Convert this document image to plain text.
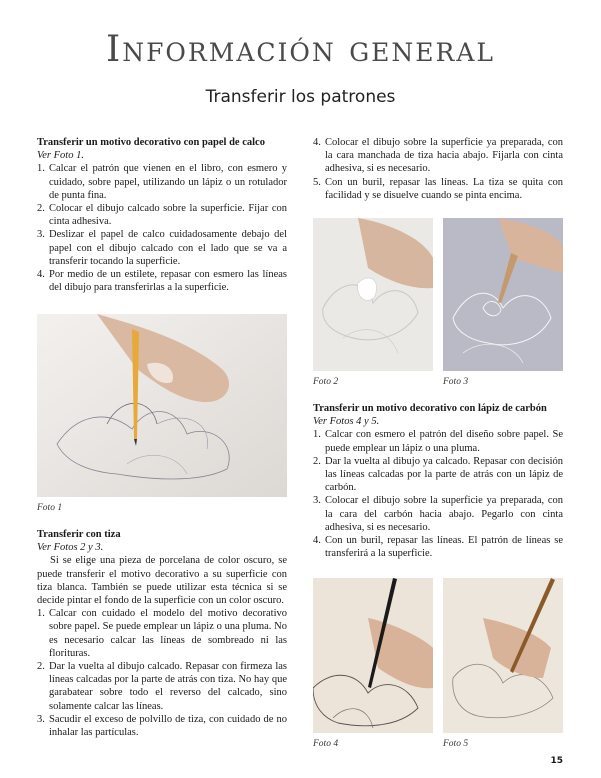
Información general
Transferir los patrones

Transferir un motivo decorativo con papel de calco

Ver Foto 1.

1. Calcar el patrón que vienen en el libro, con esmero y cuidado, sobre papel, utilizando un lápiz o un rotulador de punta fina.
2. Colocar el dibujo calcado sobre la superficie. Fijar con cinta adhesiva.
3. Deslizar el papel de calco cuidadosamente debajo del papel con el dibujo calcado con el lado que se va a transferir tocando la superficie.
4. Por medio de un estilete, repasar con esmero las líneas del dibujo para transferirlas a la superficie.
Foto 1

Transferir con tiza

Ver Fotos 2 y 3.

Si se elige una pieza de porcelana de color oscuro, se puede transferir el motivo decorativo a su superficie con tiza blanca. También se puede utilizar esta técnica si se decide pintar el fondo de la superficie con un color oscuro.

1. Calcar con cuidado el modelo del motivo decorativo sobre papel. Se puede emplear un lápiz o una pluma. No es necesario calcar las líneas de sombreado ni las florituras.
2. Dar la vuelta al dibujo calcado. Repasar con firmeza las líneas calcadas por la parte de atrás con tiza. No hay que garabatear sobre todo el reverso del calcado, sino solamente calcar las líneas.
3. Sacudir el exceso de polvillo de tiza, con cuidado de no inhalar las partículas.
4. Colocar el dibujo sobre la superficie ya preparada, con la cara manchada de tiza hacia abajo. Fijarla con cinta adhesiva, si es necesario.
5. Con un buril, repasar las líneas. La tiza se quita con facilidad y se disuelve cuando se pinta encima.
Foto 2	Foto 3

Transferir un motivo decorativo con lápiz de carbón

Ver Fotos 4 y 5.

1. Calcar con esmero el patrón del diseño sobre papel. Se puede emplear un lápiz o una pluma.
2. Dar la vuelta al dibujo ya calcado. Repasar con decisión las líneas calcadas por la parte de atrás con un lápiz de carbón.
3. Colocar el dibujo sobre la superficie ya preparada, con la cara del carbón hacia abajo. Pegarlo con cinta adhesiva, si es necesario.
4. Con un buril, repasar las líneas. El patrón de líneas se transferirá a la superficie.
Foto 4	Foto 5
15
